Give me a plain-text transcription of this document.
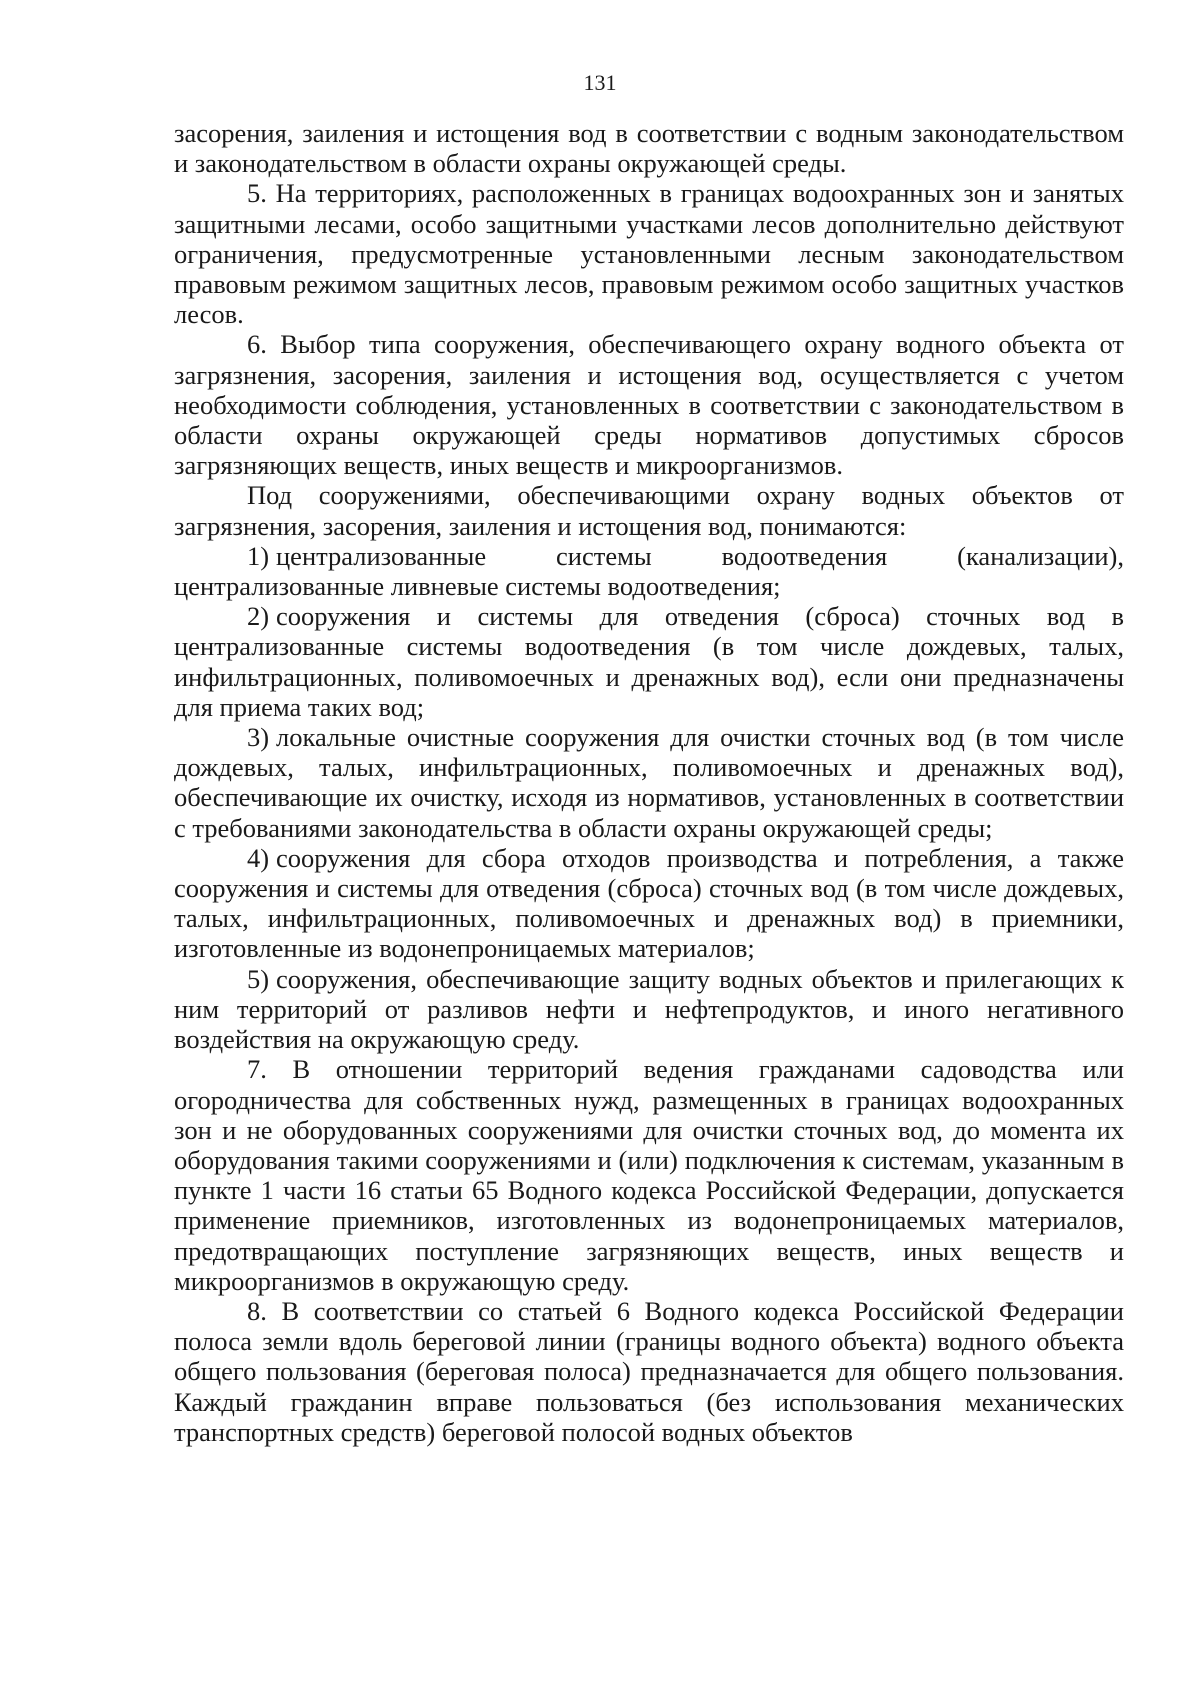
131

засорения, заиления и истощения вод в соответствии с водным законодательством и законодательством в области охраны окружающей среды.

5. На территориях, расположенных в границах водоохранных зон и занятых защитными лесами, особо защитными участками лесов дополнительно действуют ограничения, предусмотренные установленными лесным законодательством правовым режимом защитных лесов, правовым режимом особо защитных участков лесов.

6. Выбор типа сооружения, обеспечивающего охрану водного объекта от загрязнения, засорения, заиления и истощения вод, осуществляется с учетом необходимости соблюдения, установленных в соответствии с законодательством в области охраны окружающей среды нормативов допустимых сбросов загрязняющих веществ, иных веществ и микроорганизмов.

Под сооружениями, обеспечивающими охрану водных объектов от загрязнения, засорения, заиления и истощения вод, понимаются:

1) централизованные системы водоотведения (канализации), централизованные ливневые системы водоотведения;

2) сооружения и системы для отведения (сброса) сточных вод в централизованные системы водоотведения (в том числе дождевых, талых, инфильтрационных, поливомоечных и дренажных вод), если они предназначены для приема таких вод;

3) локальные очистные сооружения для очистки сточных вод (в том числе дождевых, талых, инфильтрационных, поливомоечных и дренажных вод), обеспечивающие их очистку, исходя из нормативов, установленных в соответствии с требованиями законодательства в области охраны окружающей среды;

4) сооружения для сбора отходов производства и потребления, а также сооружения и системы для отведения (сброса) сточных вод (в том числе дождевых, талых, инфильтрационных, поливомоечных и дренажных вод) в приемники, изготовленные из водонепроницаемых материалов;

5) сооружения, обеспечивающие защиту водных объектов и прилегающих к ним территорий от разливов нефти и нефтепродуктов, и иного негативного воздействия на окружающую среду.

7. В отношении территорий ведения гражданами садоводства или огородничества для собственных нужд, размещенных в границах водоохранных зон и не оборудованных сооружениями для очистки сточных вод, до момента их оборудования такими сооружениями и (или) подключения к системам, указанным в пункте 1 части 16 статьи 65 Водного кодекса Российской Федерации, допускается применение приемников, изготовленных из водонепроницаемых материалов, предотвращающих поступление загрязняющих веществ, иных веществ и микроорганизмов в окружающую среду.

8. В соответствии со статьей 6 Водного кодекса Российской Федерации полоса земли вдоль береговой линии (границы водного объекта) водного объекта общего пользования (береговая полоса) предназначается для общего пользования. Каждый гражданин вправе пользоваться (без использования механических транспортных средств) береговой полосой водных объектов
